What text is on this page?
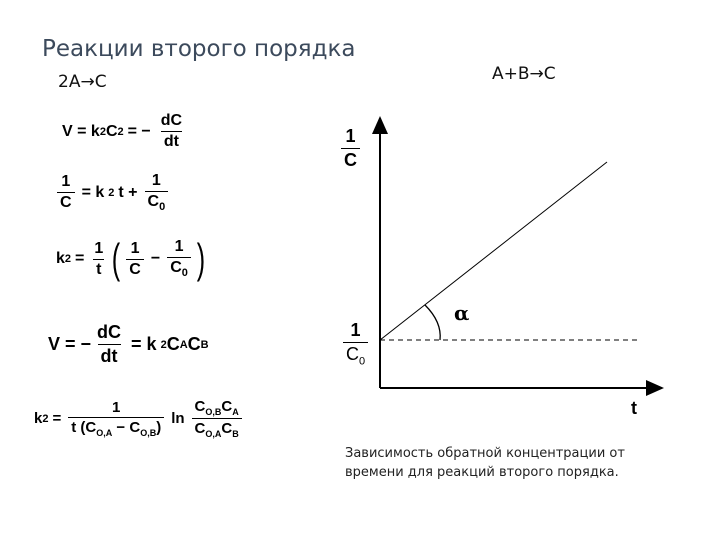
Реакции второго порядка
2A→C	A+B→C
V = k 2 C 2 = − $\frac{dC}{dt}$
$\frac{1}{C} = k$ 2 $t + \frac{1}{C_0}$
k $2 = \frac{1}{t}$ ( $\frac{1}{C} - \frac{1}{C_0}$ )
V = − $\frac{dC}{dt} = k$ 2 C A C B
k $2 = \frac{1}{t (C_{O,A} - C_{O,B})}$ $\ln \frac{C_{O,B}C_A}{C_{O,A}C_B}$
α
$\frac{1}{C}$
$\frac{1}{C_0}$
t
Зависимость обратной концентрации от времени для реакций второго порядка.
